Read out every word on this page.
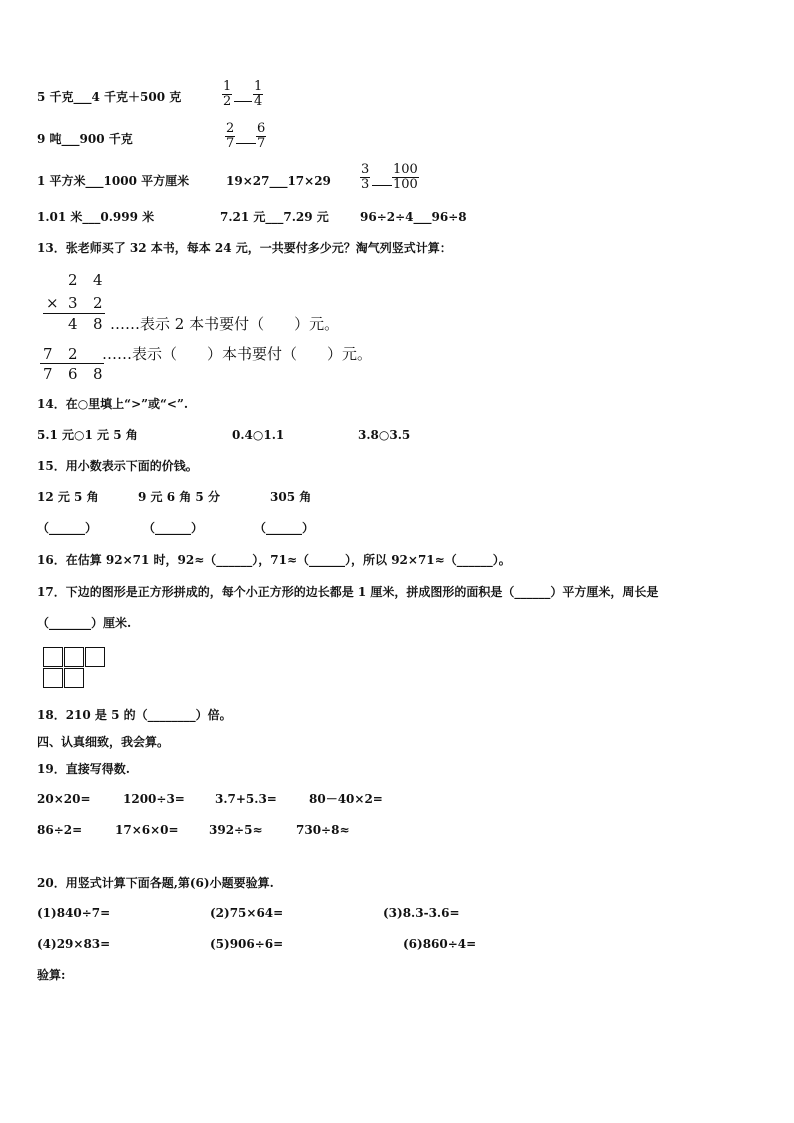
5 千克___4 千克＋500 克	$\frac{1}{2} \frac{1}{4}$
9 吨___900 千克	$\frac{2}{7} \frac{6}{7}$
1 平方米___1000 平方厘米	19×27___17×29 $\frac{3}{3} \frac{100}{100}$
1.01 米___0.999 米	7.21 元___7.29 元	96÷2÷4___96÷8
13．张老师买了 32 本书，每本 24 元，一共要付多少元？淘气列竖式计算：
2 4
× 3 2
4 8 ……表示 2 本书要付（　　）元。
7 2 ……表示（　　）本书要付（　　）元。
7 6 8
14．在○里填上“>”或“<”.
5.1 元○1 元 5 角	0.4○1.1	3.8○3.5
15．用小数表示下面的价钱。
12 元 5 角	9 元 6 角 5 分	305 角
（______）	（______）	（______）
16．在估算 92×71 时，92≈（______），71≈（______），所以 92×71≈（______）。
17．下边的图形是正方形拼成的，每个小正方形的边长都是 1 厘米，拼成图形的面积是（______）平方厘米，周长是
（_______）厘米.
18．210 是 5 的（________）倍。
四、认真细致，我会算。
19．直接写得数.
20×20=	1200÷3=	3.7+5.3=	80－40×2=
86÷2=	17×6×0=	392÷5≈	730÷8≈
20．用竖式计算下面各题,第(6)小题要验算.
(1)840÷7=	(2)75×64=	(3)8.3-3.6=
(4)29×83=	(5)906÷6=	(6)860÷4=
验算:
